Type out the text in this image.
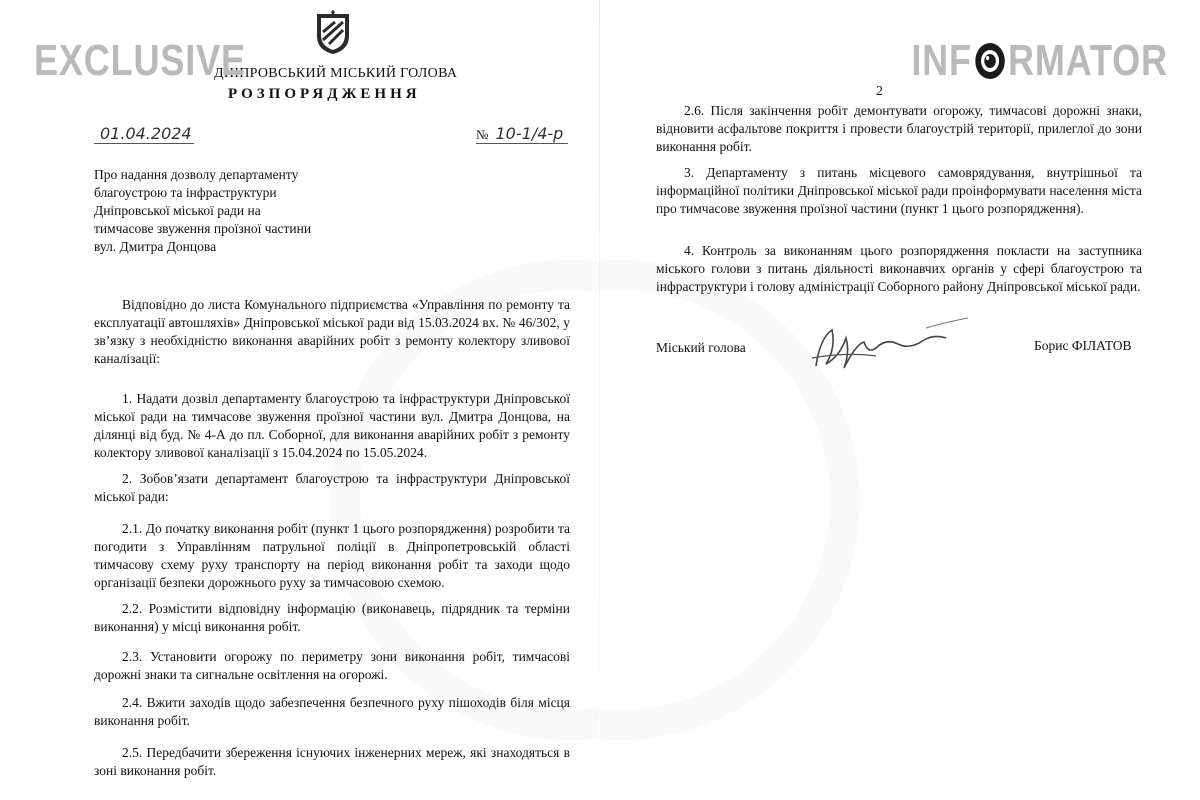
ДНІПРОВСЬКИЙ МІСЬКИЙ ГОЛОВА
РОЗПОРЯДЖЕННЯ
01.04.2024	№ 10-1/4-р
Про надання дозволу департаменту благоустрою та інфраструктури Дніпровської міської ради на тимчасове звуження проїзної частини вул. Дмитра Донцова

Відповідно до листа Комунального підприємства «Управління по ремонту та експлуатації автошляхів» Дніпровської міської ради від 15.03.2024 вх. № 46/302, у зв’язку з необхідністю виконання аварійних робіт з ремонту колектору зливової каналізації:

1. Надати дозвіл департаменту благоустрою та інфраструктури Дніпровської міської ради на тимчасове звуження проїзної частини вул. Дмитра Донцова, на ділянці від буд. № 4-А до пл. Соборної, для виконання аварійних робіт з ремонту колектору зливової каналізації з 15.04.2024 по 15.05.2024.

2. Зобов’язати департамент благоустрою та інфраструктури Дніпровської міської ради:

2.1. До початку виконання робіт (пункт 1 цього розпорядження) розробити та погодити з Управлінням патрульної поліції в Дніпропетровській області тимчасову схему руху транспорту на період виконання робіт та заходи щодо організації безпеки дорожнього руху за тимчасовою схемою.

2.2. Розмістити відповідну інформацію (виконавець, підрядник та терміни виконання) у місці виконання робіт.

2.3. Установити огорожу по периметру зони виконання робіт, тимчасові дорожні знаки та сигнальне освітлення на огорожі.

2.4. Вжити заходів щодо забезпечення безпечного руху пішоходів біля місця виконання робіт.

2.5. Передбачити збереження існуючих інженерних мереж, які знаходяться в зоні виконання робіт.

2

2.6. Після закінчення робіт демонтувати огорожу, тимчасові дорожні знаки, відновити асфальтове покриття і провести благоустрій території, прилеглої до зони виконання робіт.

3. Департаменту з питань місцевого самоврядування, внутрішньої та інформаційної політики Дніпровської міської ради проінформувати населення міста про тимчасове звуження проїзної частини (пункт 1 цього розпорядження).

4. Контроль за виконанням цього розпорядження покласти на заступника міського голови з питань діяльності виконавчих органів у сфері благоустрою та інфраструктури і голову адміністрації Соборного району Дніпровської міської ради.

Міський голова	Борис ФІЛАТОВ
EXCLUSIVE	INF RMATOR
